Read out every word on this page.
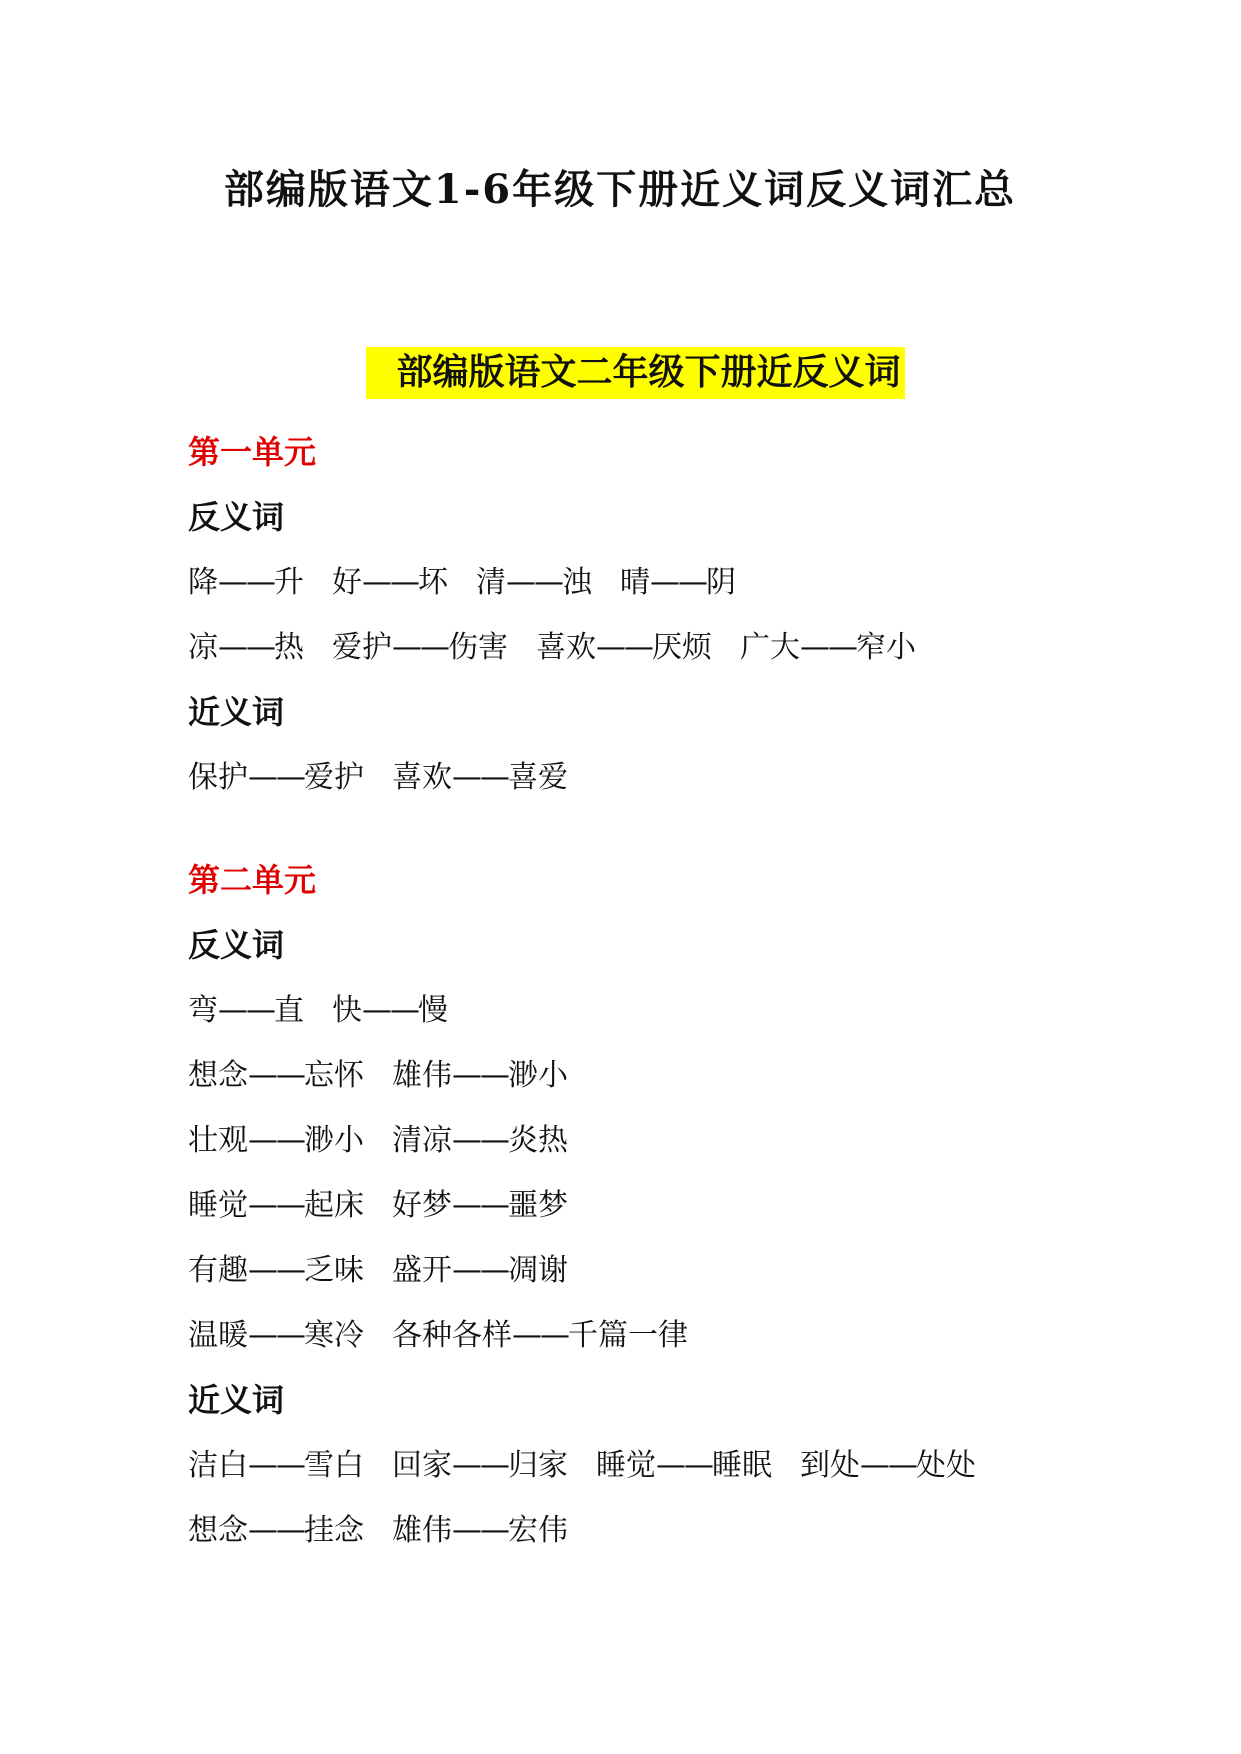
部编版语文1-6年级下册近义词反义词汇总
部编版语文二年级下册近反义词
第一单元
反义词
降——升 好——坏 清——浊 晴——阴
凉——热 爱护——伤害 喜欢——厌烦 广大——窄小
近义词
保护——爱护 喜欢——喜爱
第二单元
反义词
弯——直 快——慢
想念——忘怀 雄伟——渺小
壮观——渺小 清凉——炎热
睡觉——起床 好梦——噩梦
有趣——乏味 盛开——凋谢
温暖——寒冷 各种各样——千篇一律
近义词
洁白——雪白 回家——归家 睡觉——睡眠 到处——处处
想念——挂念 雄伟——宏伟
